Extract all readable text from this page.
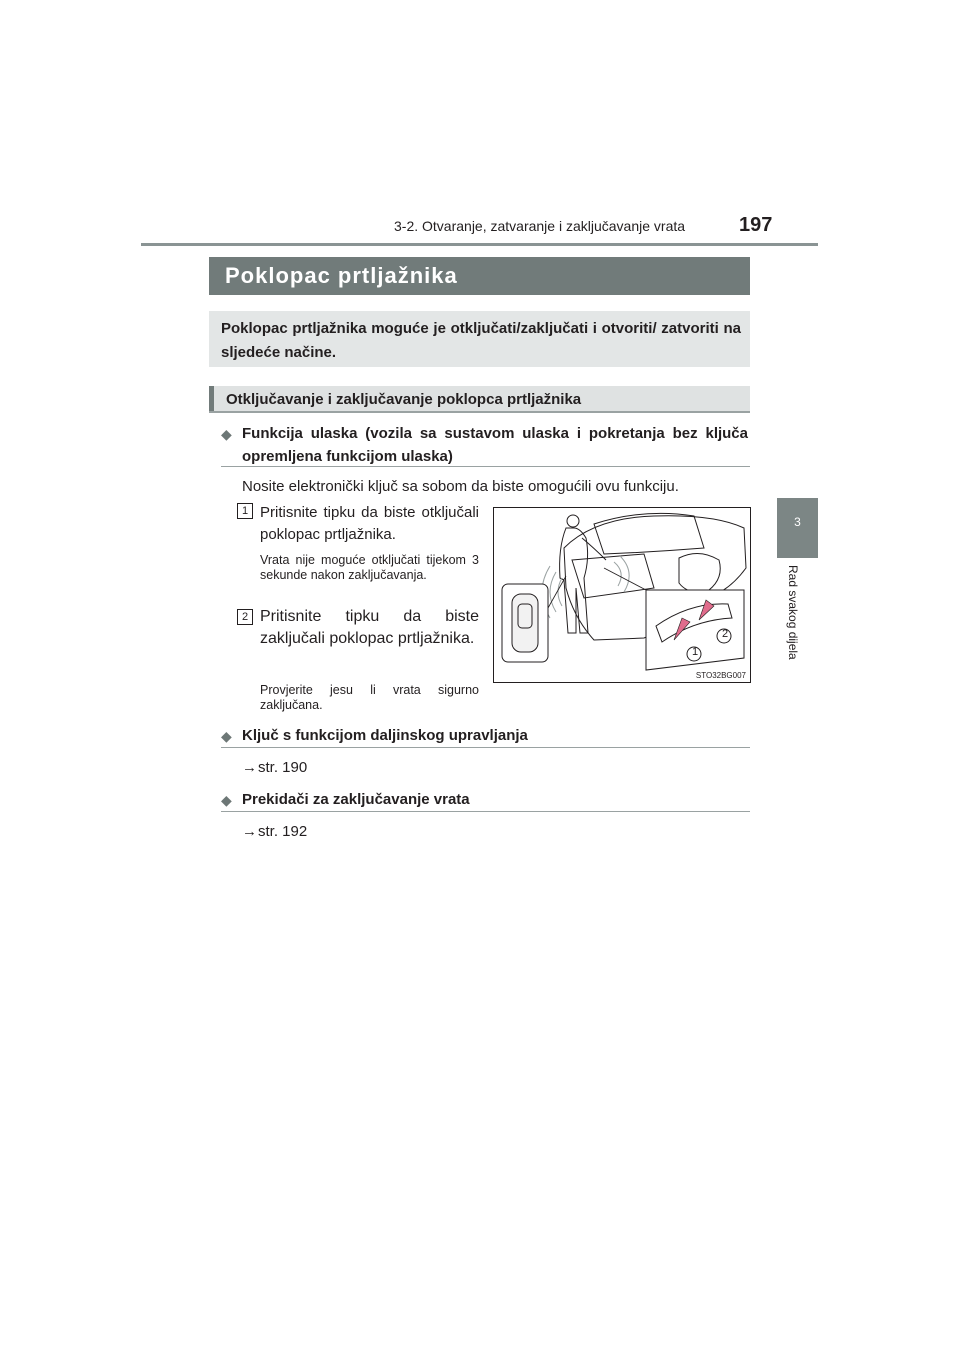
3-2. Otvaranje, zatvaranje i zaključavanje vrata	197
3
Rad svakog dijela
Poklopac prtljažnika
Poklopac prtljažnika moguće je otključati/zaključati i otvoriti/ zatvoriti na sljedeće načine.
Otključavanje i zaključavanje poklopca prtljažnika
◆ Funkcija ulaska (vozila sa sustavom ulaska i pokretanja bez ključa opremljena funkcijom ulaska)
Nosite elektronički ključ sa sobom da biste omogućili ovu funkciju.
1 Pritisnite tipku da biste otključali poklopac prtljažnika.
Vrata nije moguće otključati tijekom 3 sekunde nakon zaključavanja.
2 Pritisnite tipku da biste zaključali poklopac prtljažnika.
Provjerite jesu li vrata sigurno zaključana.
2
1
STO32BG007
◆ Ključ s funkcijom daljinskog upravljanja
→ str. 190
◆ Prekidači za zaključavanje vrata
→ str. 192
